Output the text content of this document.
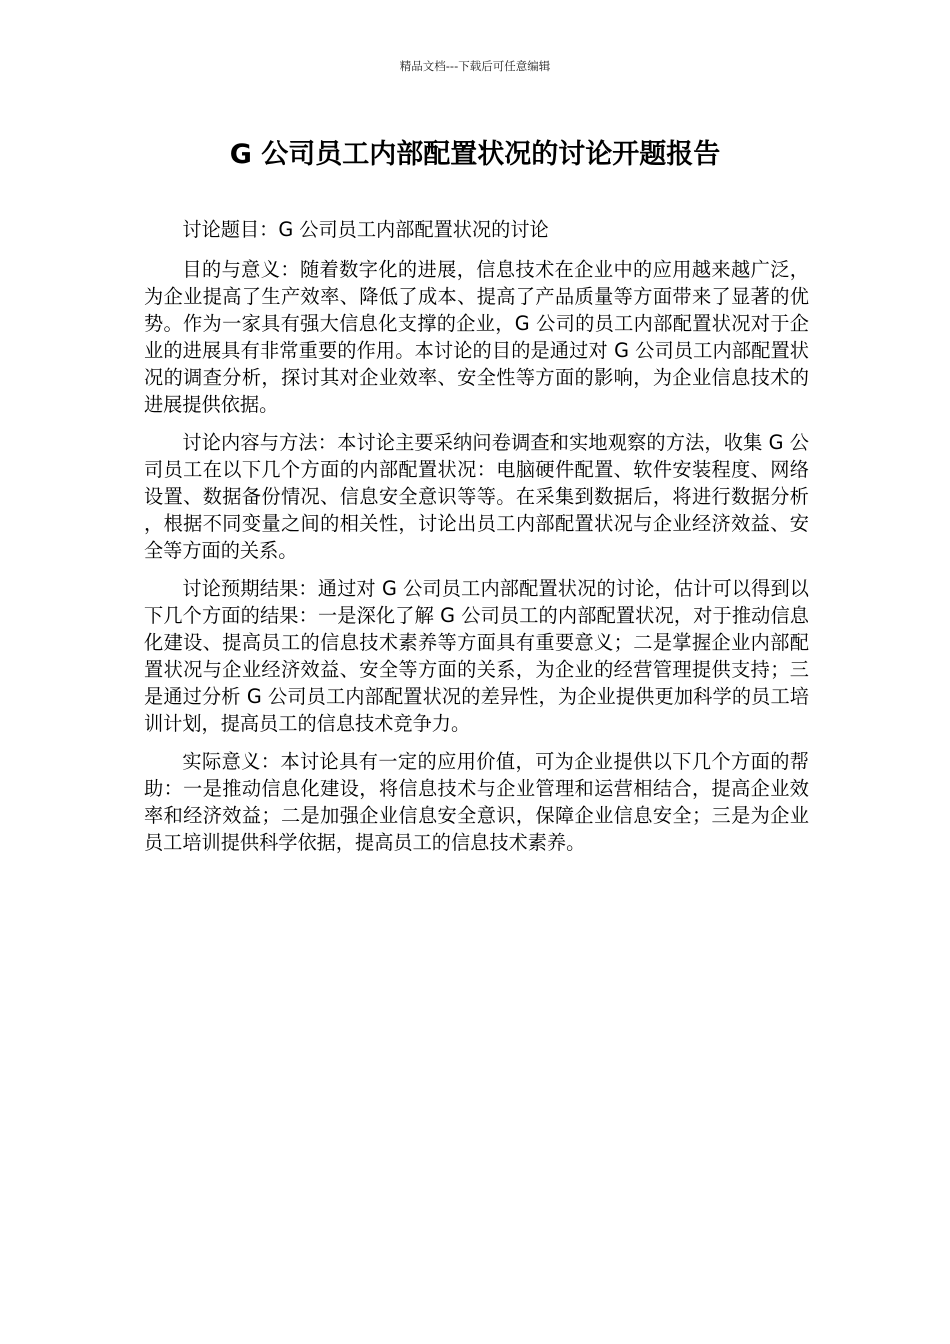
精品文档---下载后可任意编辑
G 公司员工内部配置状况的讨论开题报告

讨论题目：G 公司员工内部配置状况的讨论

目的与意义：随着数字化的进展，信息技术在企业中的应用越来越广泛，为企业提高了生产效率、降低了成本、提高了产品质量等方面带来了显著的优势。作为一家具有强大信息化支撑的企业，G 公司的员工内部配置状况对于企业的进展具有非常重要的作用。本讨论的目的是通过对 G 公司员工内部配置状况的调查分析，探讨其对企业效率、安全性等方面的影响，为企业信息技术的进展提供依据。

讨论内容与方法：本讨论主要采纳问卷调查和实地观察的方法，收集 G 公司员工在以下几个方面的内部配置状况：电脑硬件配置、软件安装程度、网络设置、数据备份情况、信息安全意识等等。在采集到数据后，将进行数据分析，根据不同变量之间的相关性，讨论出员工内部配置状况与企业经济效益、安全等方面的关系。

讨论预期结果：通过对 G 公司员工内部配置状况的讨论，估计可以得到以下几个方面的结果：一是深化了解 G 公司员工的内部配置状况，对于推动信息化建设、提高员工的信息技术素养等方面具有重要意义；二是掌握企业内部配置状况与企业经济效益、安全等方面的关系，为企业的经营管理提供支持；三是通过分析 G 公司员工内部配置状况的差异性，为企业提供更加科学的员工培训计划，提高员工的信息技术竞争力。

实际意义：本讨论具有一定的应用价值，可为企业提供以下几个方面的帮助：一是推动信息化建设，将信息技术与企业管理和运营相结合，提高企业效率和经济效益；二是加强企业信息安全意识，保障企业信息安全；三是为企业员工培训提供科学依据，提高员工的信息技术素养。
